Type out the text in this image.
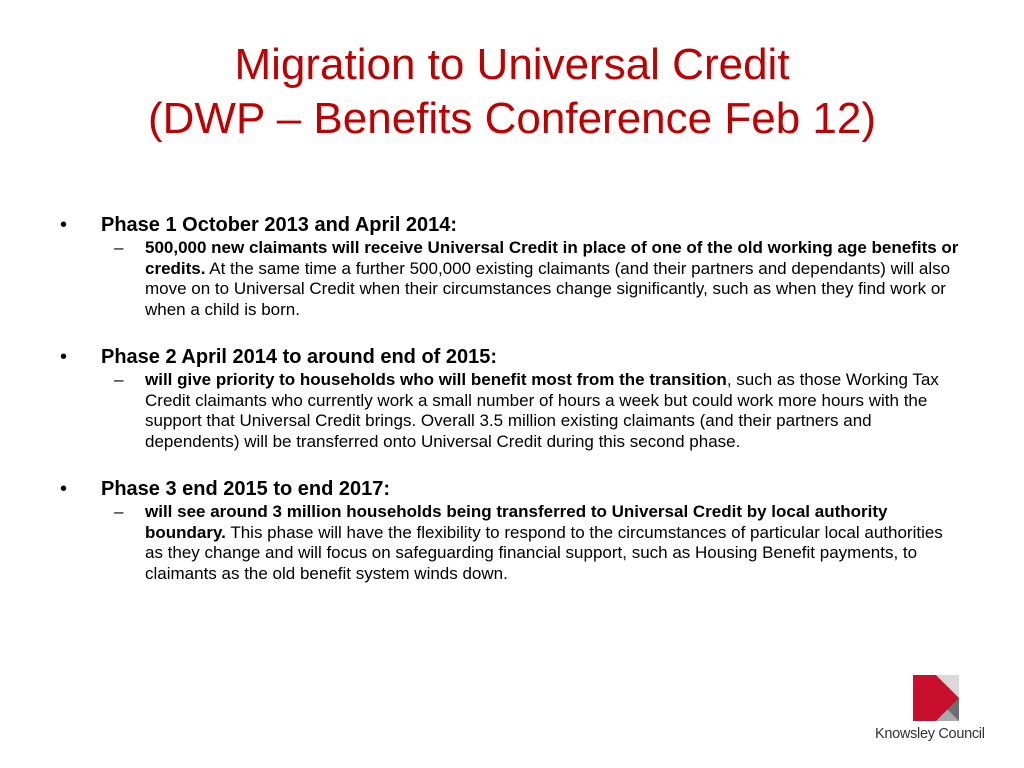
Migration to Universal Credit
(DWP – Benefits Conference Feb 12)
• Phase 1 October 2013 and April 2014:
– 500,000 new claimants will receive Universal Credit in place of one of the old working age benefits or credits. At the same time a further 500,000 existing claimants (and their partners and dependants) will also move on to Universal Credit when their circumstances change significantly, such as when they find work or when a child is born.
• Phase 2 April 2014 to around end of 2015:
– will give priority to households who will benefit most from the transition, such as those Working Tax Credit claimants who currently work a small number of hours a week but could work more hours with the support that Universal Credit brings. Overall 3.5 million existing claimants (and their partners and dependents) will be transferred onto Universal Credit during this second phase.
• Phase 3 end 2015 to end 2017:
– will see around 3 million households being transferred to Universal Credit by local authority boundary. This phase will have the flexibility to respond to the circumstances of particular local authorities as they change and will focus on safeguarding financial support, such as Housing Benefit payments, to claimants as the old benefit system winds down.
Knowsley Council
